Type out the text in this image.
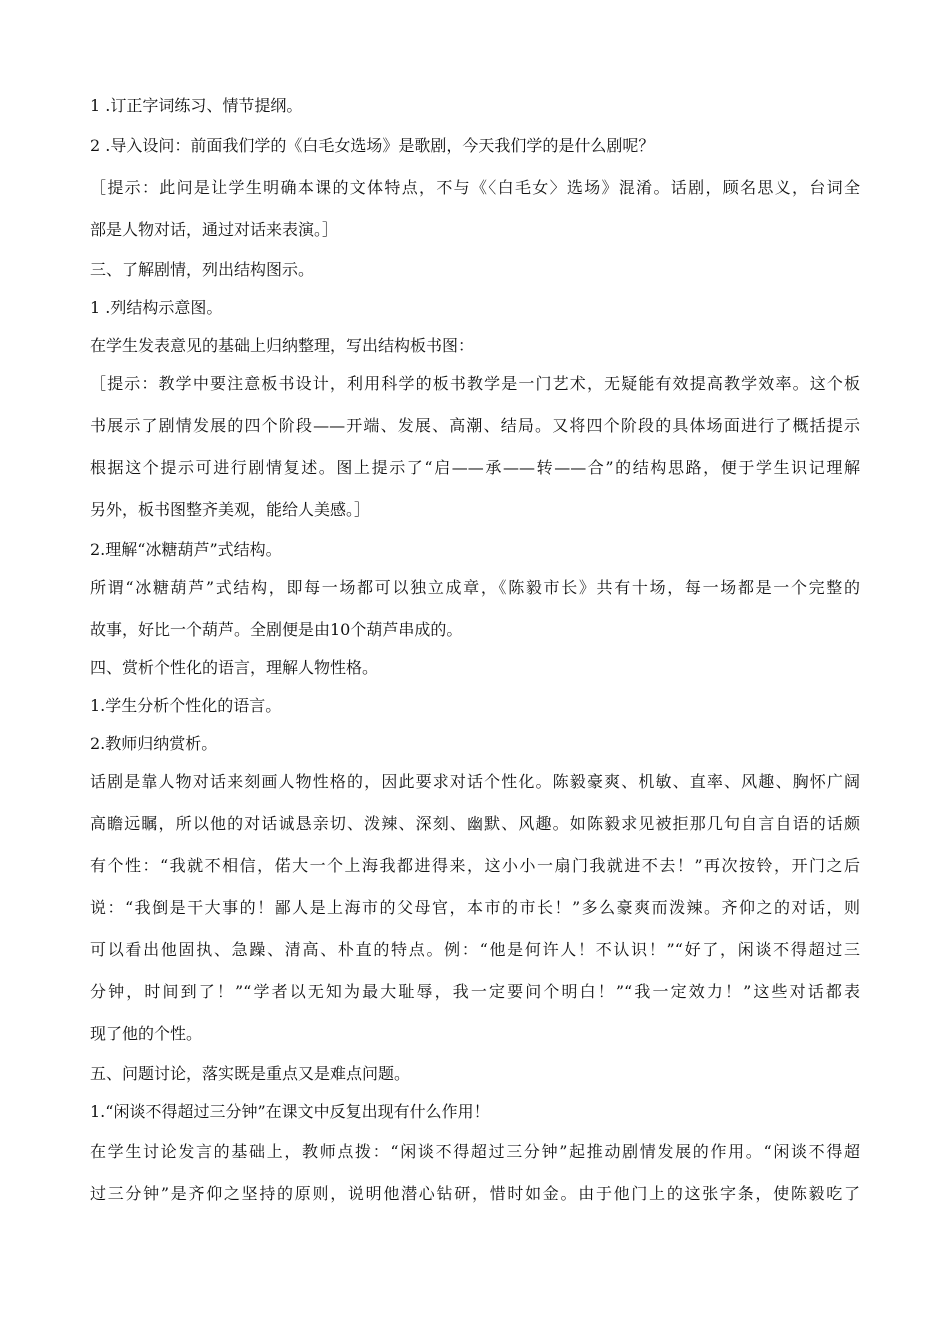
1 .订正字词练习、情节提纲。

2 .导入设问：前面我们学的《白毛女选场》是歌剧，今天我们学的是什么剧呢？

［提示：此问是让学生明确本课的文体特点，不与《〈白毛女〉选场》混淆。话剧，顾名思义，台词全

部是人物对话，通过对话来表演。］

三、了解剧情，列出结构图示。

1 .列结构示意图。

在学生发表意见的基础上归纳整理，写出结构板书图：

［提示：教学中要注意板书设计，利用科学的板书教学是一门艺术，无疑能有效提高教学效率。这个板

书展示了剧情发展的四个阶段——开端、发展、高潮、结局。又将四个阶段的具体场面进行了概括提示

根据这个提示可进行剧情复述。图上提示了“启——承——转——合”的结构思路，便于学生识记理解

另外，板书图整齐美观，能给人美感。］

2.理解“冰糖葫芦”式结构。

所谓“冰糖葫芦”式结构，即每一场都可以独立成章，《陈毅市长》共有十场，每一场都是一个完整的

故事，好比一个葫芦。全剧便是由10个葫芦串成的。

四、赏析个性化的语言，理解人物性格。

1.学生分析个性化的语言。

2.教师归纳赏析。

话剧是靠人物对话来刻画人物性格的，因此要求对话个性化。陈毅豪爽、机敏、直率、风趣、胸怀广阔

高瞻远瞩，所以他的对话诚恳亲切、泼辣、深刻、幽默、风趣。如陈毅求见被拒那几句自言自语的话颇

有个性：“我就不相信，偌大一个上海我都进得来，这小小一扇门我就进不去！”再次按铃，开门之后

说：“我倒是干大事的！鄙人是上海市的父母官，本市的市长！”多么豪爽而泼辣。齐仰之的对话，则

可以看出他固执、急躁、清高、朴直的特点。例：“他是何许人！不认识！”“好了，闲谈不得超过三

分钟，时间到了！”“学者以无知为最大耻辱，我一定要问个明白！”“我一定效力！”这些对话都表

现了他的个性。

五、问题讨论，落实既是重点又是难点问题。

1.“闲谈不得超过三分钟”在课文中反复出现有什么作用！

在学生讨论发言的基础上，教师点拨：“闲谈不得超过三分钟”起推动剧情发展的作用。“闲谈不得超

过三分钟”是齐仰之坚持的原则，说明他潜心钻研，惜时如金。由于他门上的这张字条，使陈毅吃了
